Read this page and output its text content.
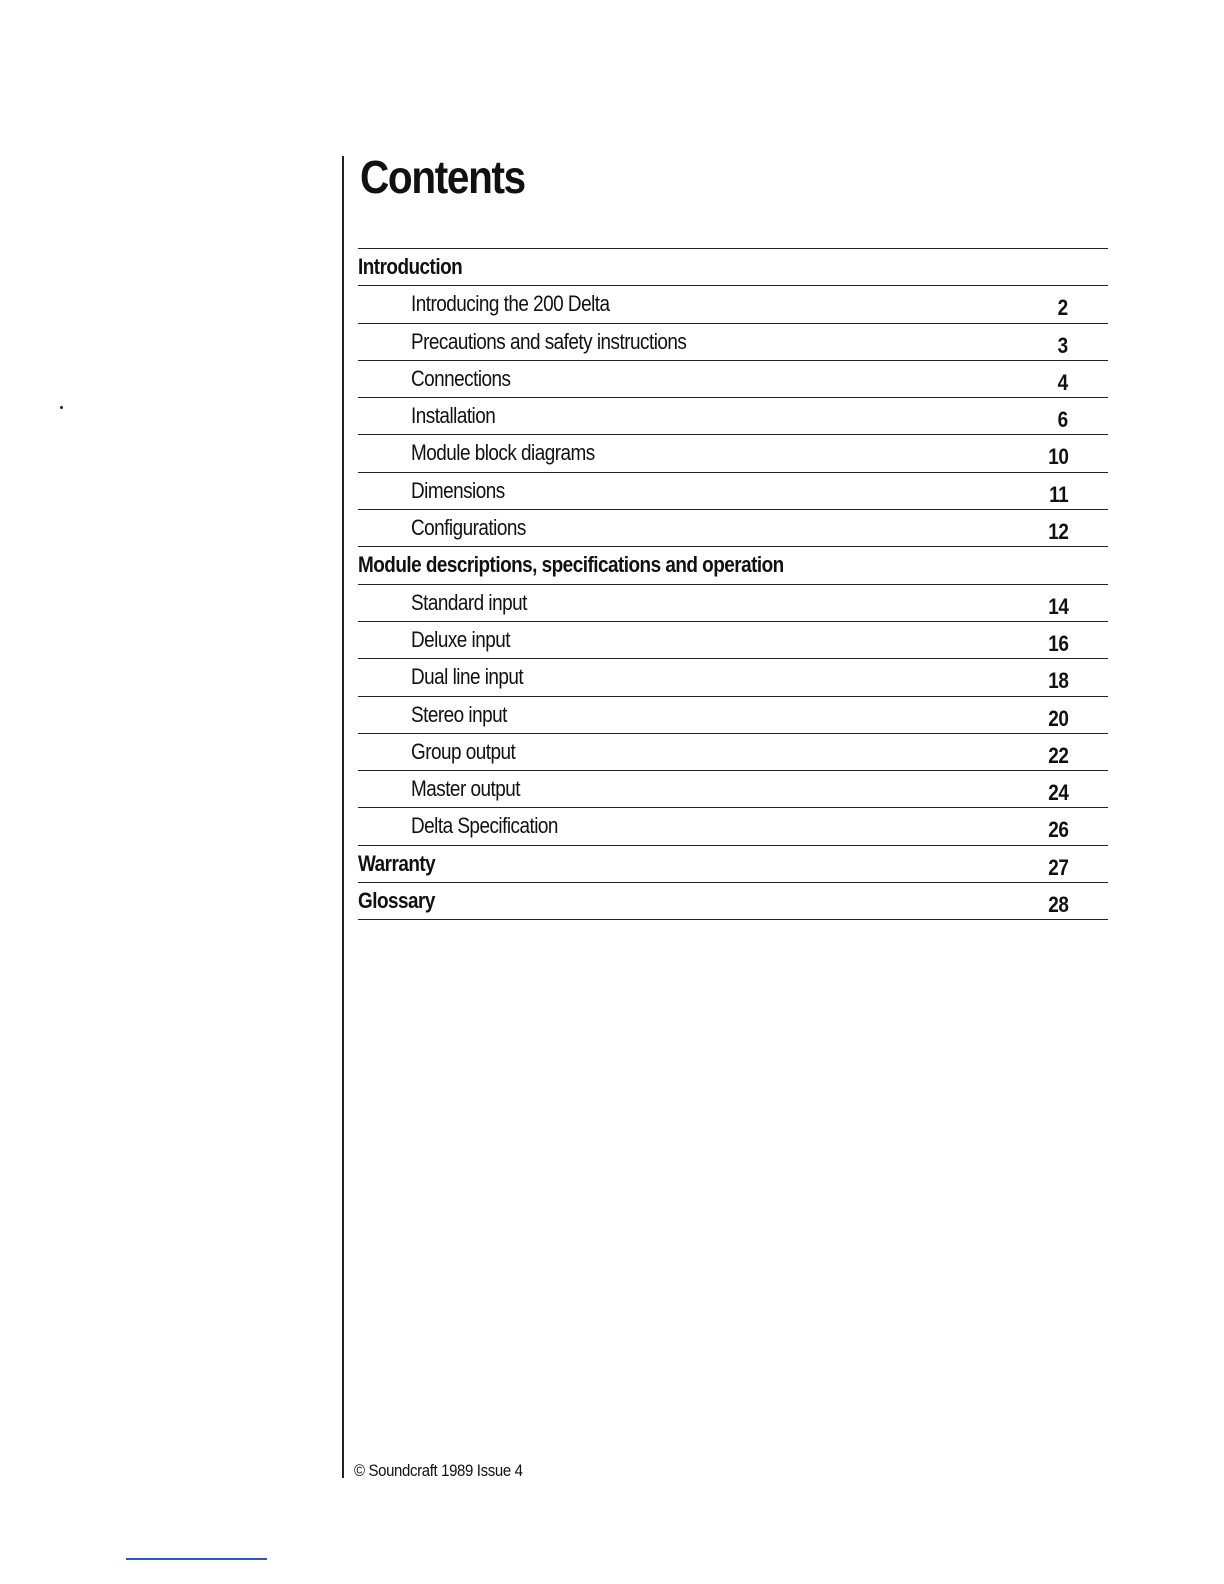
Contents
Introduction
Introducing the 200 Delta	2
Precautions and safety instructions	3
Connections	4
Installation	6
Module block diagrams	10
Dimensions	11
Configurations	12
Module descriptions, specifications and operation
Standard input	14
Deluxe input	16
Dual line input	18
Stereo input	20
Group output	22
Master output	24
Delta Specification	26
Warranty	27
Glossary	28
© Soundcraft 1989 Issue 4
